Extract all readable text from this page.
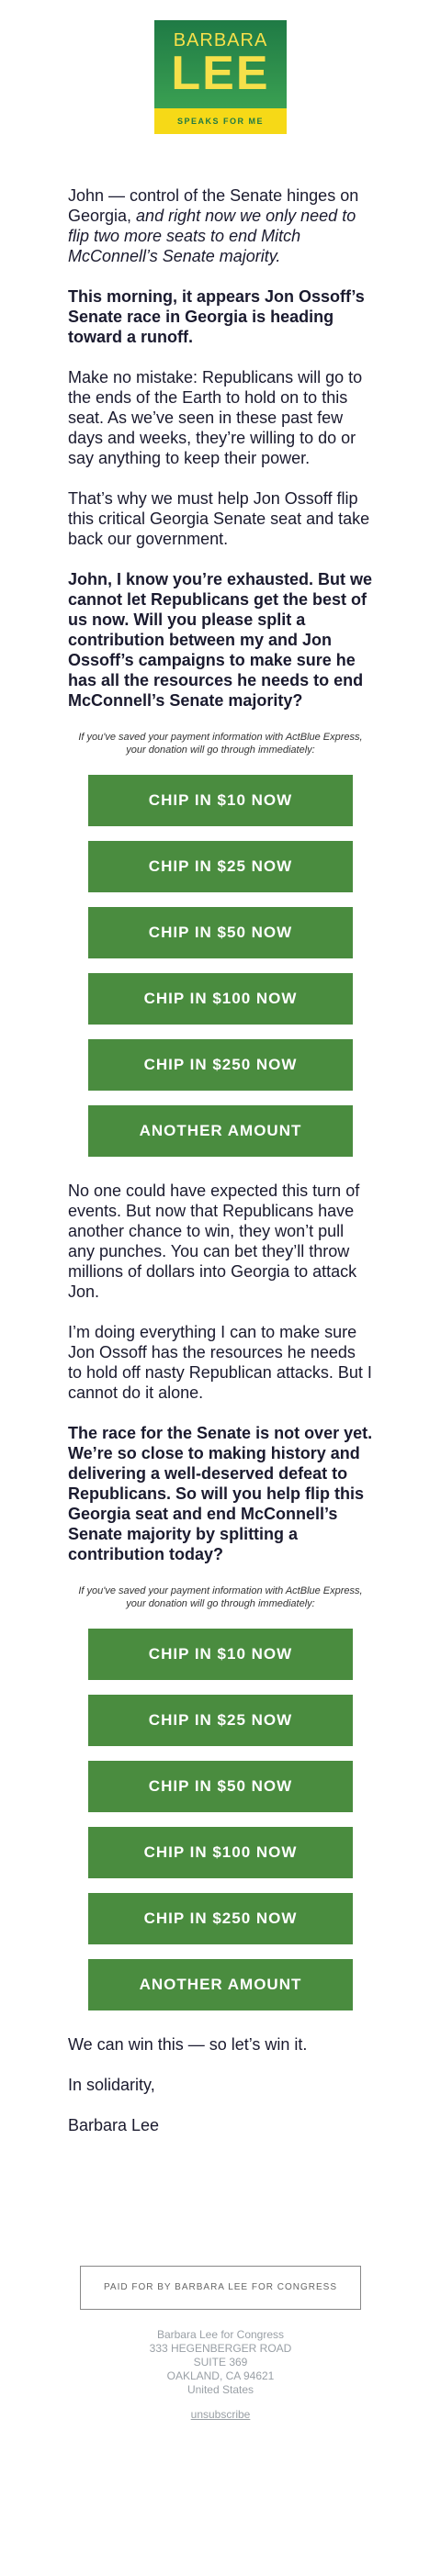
BARBARA
LEE
SPEAKS FOR ME

John — control of the Senate hinges on Georgia, and right now we only need to flip two more seats to end Mitch McConnell’s Senate majority.

This morning, it appears Jon Ossoff’s Senate race in Georgia is heading toward a runoff.

Make no mistake: Republicans will go to the ends of the Earth to hold on to this seat. As we’ve seen in these past few days and weeks, they’re willing to do or say anything to keep their power.

That’s why we must help Jon Ossoff flip this critical Georgia Senate seat and take back our government.

John, I know you’re exhausted. But we cannot let Republicans get the best of us now. Will you please split a contribution between my and Jon Ossoff’s campaigns to make sure he has all the resources he needs to end McConnell’s Senate majority?

If you've saved your payment information with ActBlue Express, your donation will go through immediately:

CHIP IN $10 NOW
CHIP IN $25 NOW
CHIP IN $50 NOW
CHIP IN $100 NOW
CHIP IN $250 NOW
ANOTHER AMOUNT

No one could have expected this turn of events. But now that Republicans have another chance to win, they won’t pull any punches. You can bet they’ll throw millions of dollars into Georgia to attack Jon.

I’m doing everything I can to make sure Jon Ossoff has the resources he needs to hold off nasty Republican attacks. But I cannot do it alone.

The race for the Senate is not over yet. We’re so close to making history and delivering a well-deserved defeat to Republicans. So will you help flip this Georgia seat and end McConnell’s Senate majority by splitting a contribution today?

If you've saved your payment information with ActBlue Express, your donation will go through immediately:

CHIP IN $10 NOW
CHIP IN $25 NOW
CHIP IN $50 NOW
CHIP IN $100 NOW
CHIP IN $250 NOW
ANOTHER AMOUNT

We can win this — so let’s win it.

In solidarity,

Barbara Lee

PAID FOR BY BARBARA LEE FOR CONGRESS
Barbara Lee for Congress
333 HEGENBERGER ROAD
SUITE 369
OAKLAND, CA 94621
United States
unsubscribe
